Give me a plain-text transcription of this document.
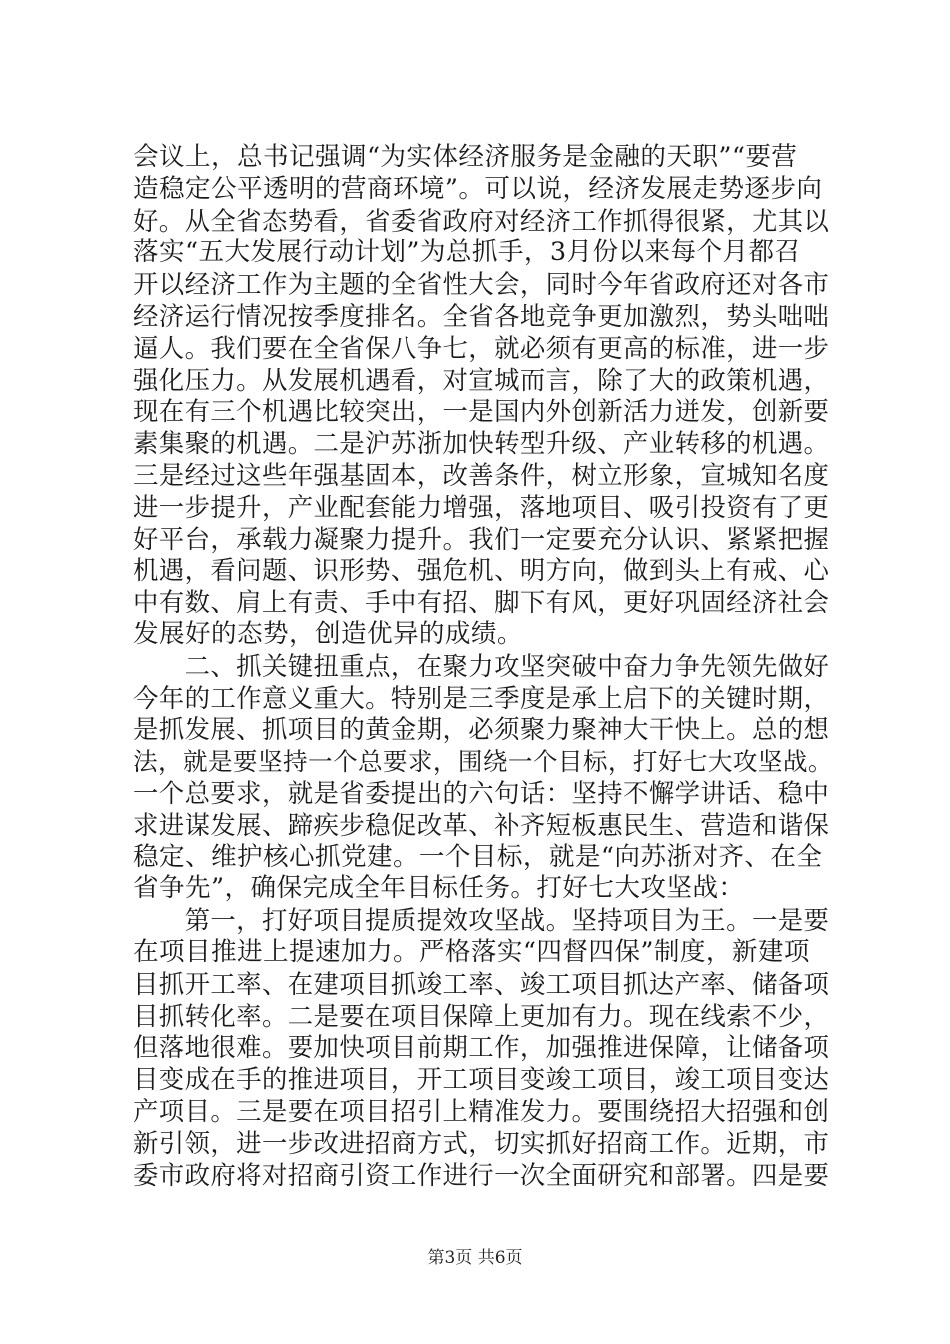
会议上，总书记强调“为实体经济服务是金融的天职”“要营
造稳定公平透明的营商环境”。可以说，经济发展走势逐步向
好。从全省态势看，省委省政府对经济工作抓得很紧，尤其以
落实“五大发展行动计划”为总抓手，3月份以来每个月都召
开以经济工作为主题的全省性大会，同时今年省政府还对各市
经济运行情况按季度排名。全省各地竞争更加激烈，势头咄咄
逼人。我们要在全省保八争七，就必须有更高的标准，进一步
强化压力。从发展机遇看，对宣城而言，除了大的政策机遇，
现在有三个机遇比较突出，一是国内外创新活力迸发，创新要
素集聚的机遇。二是沪苏浙加快转型升级、产业转移的机遇。
三是经过这些年强基固本，改善条件，树立形象，宣城知名度
进一步提升，产业配套能力增强，落地项目、吸引投资有了更
好平台，承载力凝聚力提升。我们一定要充分认识、紧紧把握
机遇，看问题、识形势、强危机、明方向，做到头上有戒、心
中有数、肩上有责、手中有招、脚下有风，更好巩固经济社会
发展好的态势，创造优异的成绩。
　　二、抓关键扭重点，在聚力攻坚突破中奋力争先领先做好
今年的工作意义重大。特别是三季度是承上启下的关键时期，
是抓发展、抓项目的黄金期，必须聚力聚神大干快上。总的想
法，就是要坚持一个总要求，围绕一个目标，打好七大攻坚战。
一个总要求，就是省委提出的六句话：坚持不懈学讲话、稳中
求进谋发展、蹄疾步稳促改革、补齐短板惠民生、营造和谐保
稳定、维护核心抓党建。一个目标，就是“向苏浙对齐、在全
省争先”，确保完成全年目标任务。打好七大攻坚战：
　　第一，打好项目提质提效攻坚战。坚持项目为王。一是要
在项目推进上提速加力。严格落实“四督四保”制度，新建项
目抓开工率、在建项目抓竣工率、竣工项目抓达产率、储备项
目抓转化率。二是要在项目保障上更加有力。现在线索不少，
但落地很难。要加快项目前期工作，加强推进保障，让储备项
目变成在手的推进项目，开工项目变竣工项目，竣工项目变达
产项目。三是要在项目招引上精准发力。要围绕招大招强和创
新引领，进一步改进招商方式，切实抓好招商工作。近期，市
委市政府将对招商引资工作进行一次全面研究和部署。四是要
第3页 共6页
